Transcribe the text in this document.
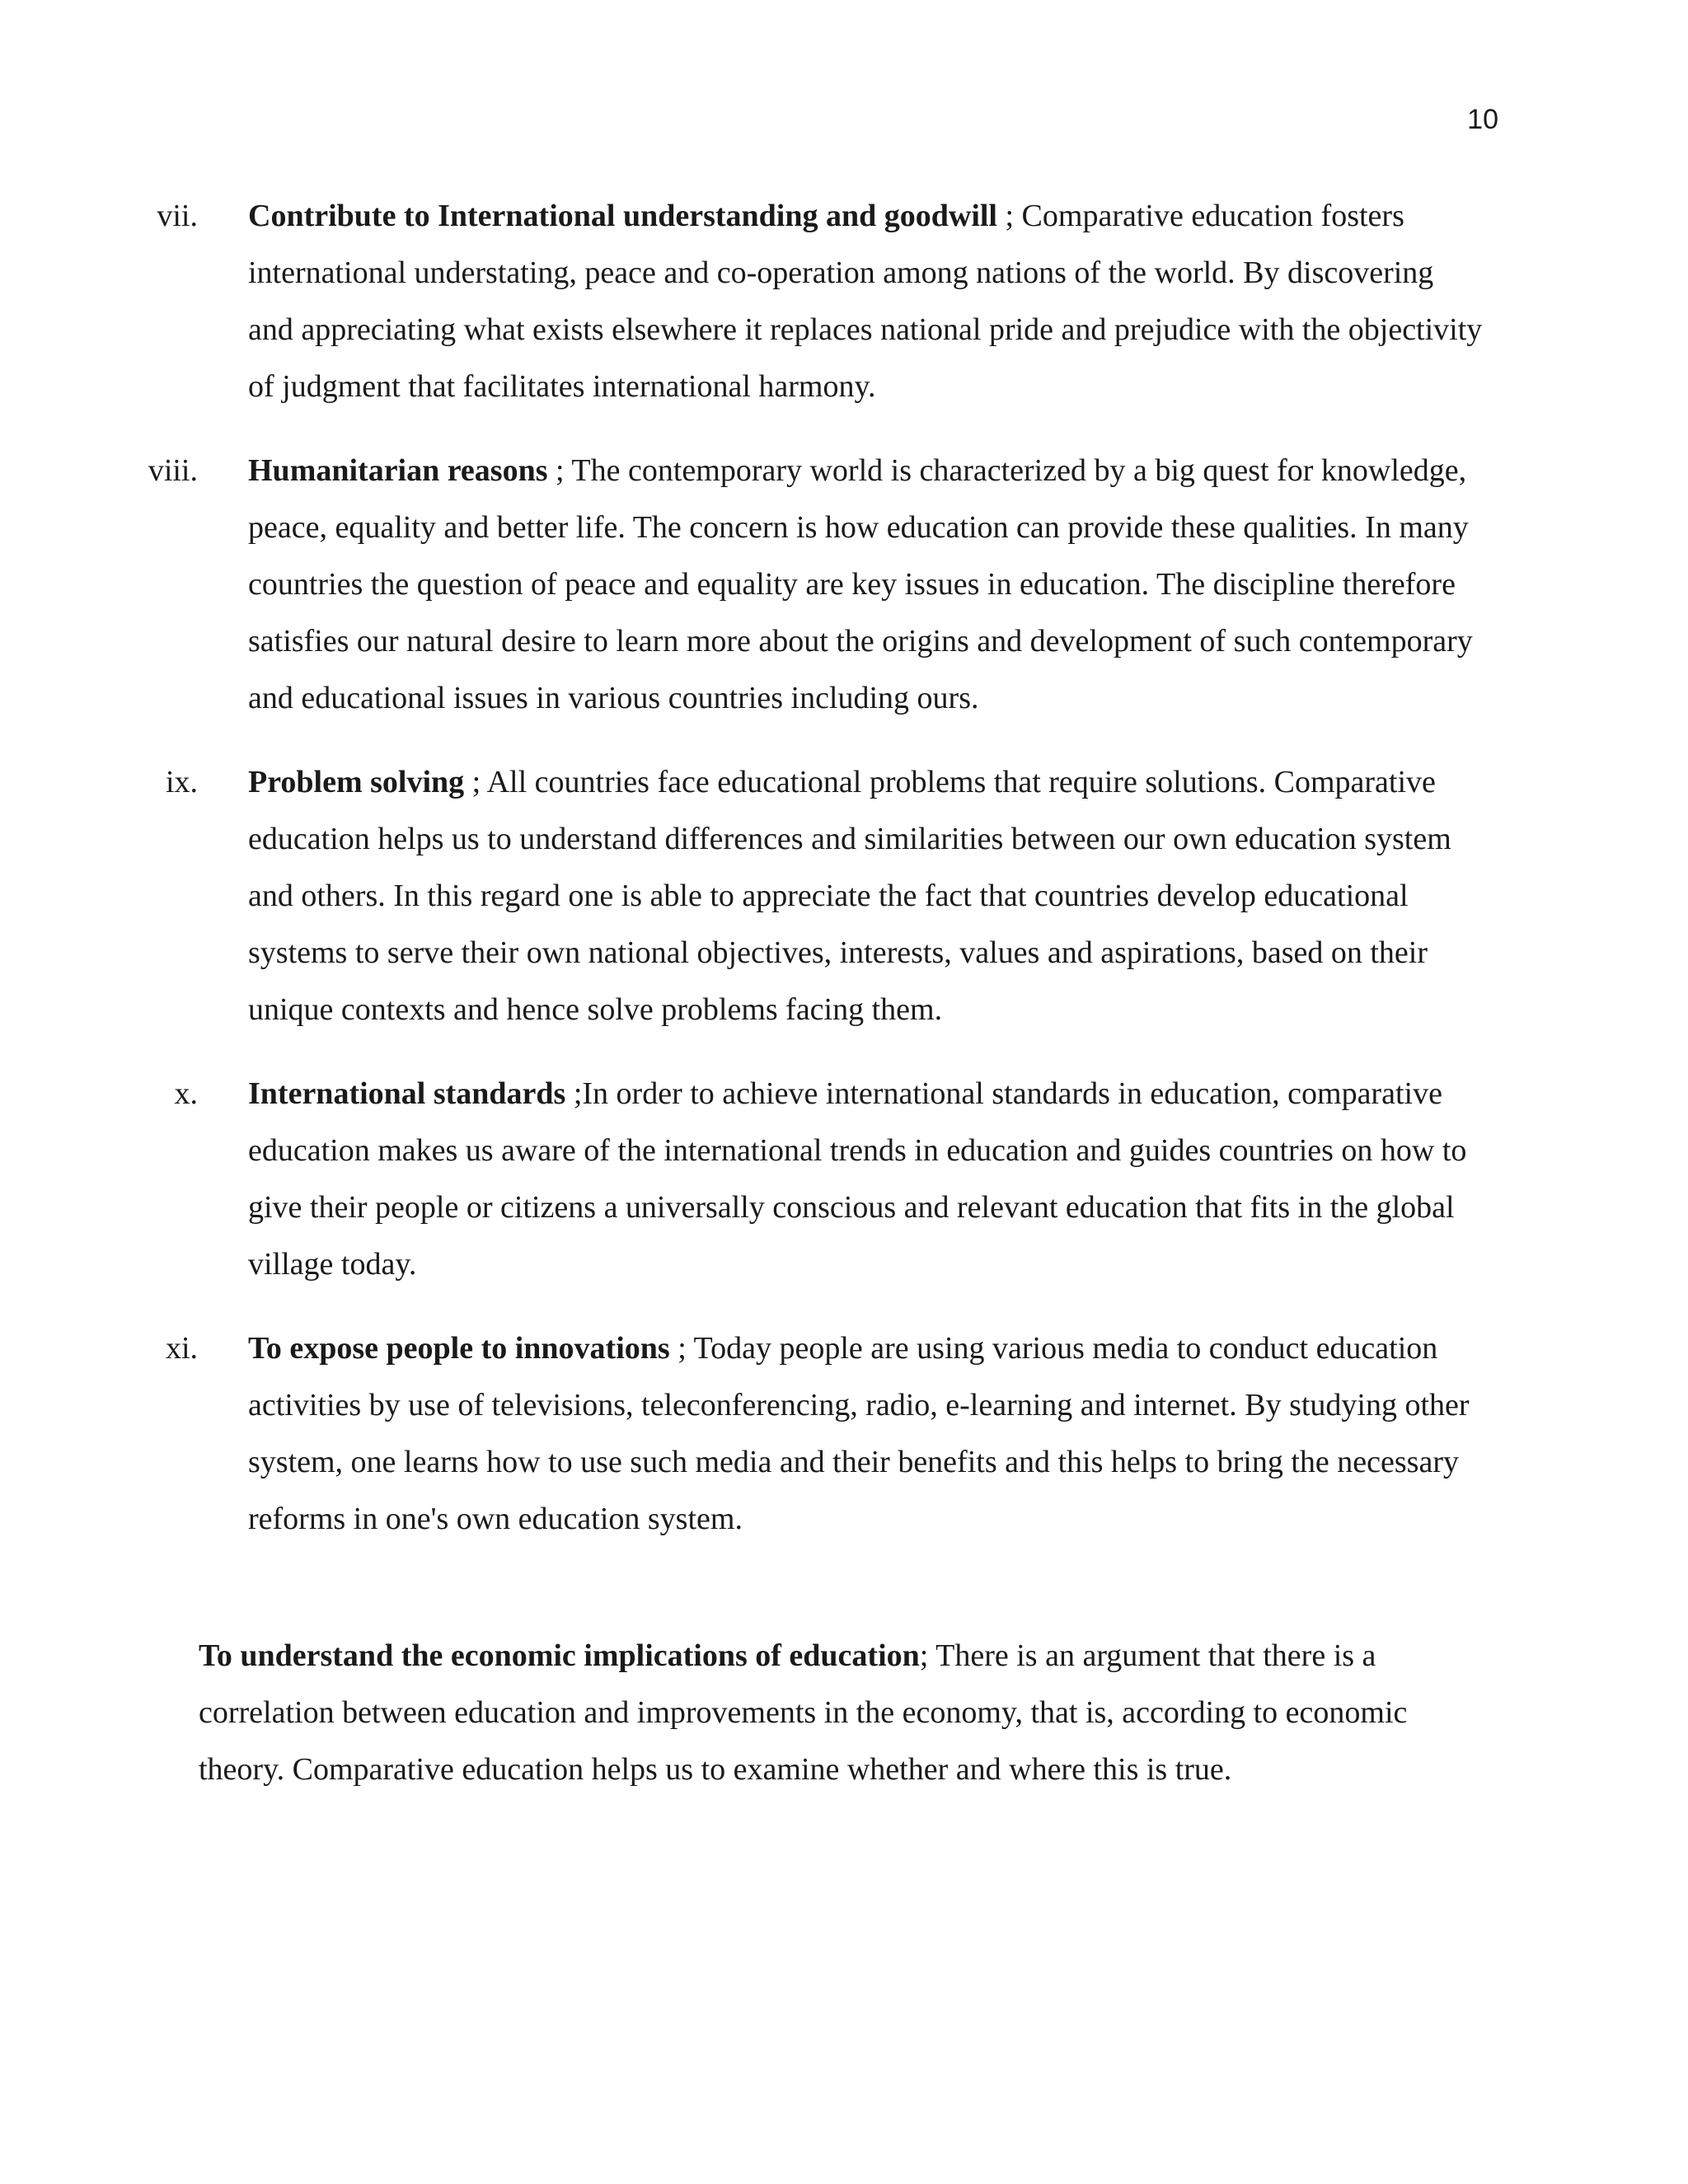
10
vii. Contribute to International understanding and goodwill ; Comparative education fosters international understating, peace and co-operation among nations of the world. By discovering and appreciating what exists elsewhere it replaces national pride and prejudice with the objectivity of judgment that facilitates international harmony.
viii. Humanitarian reasons ; The contemporary world is characterized by a big quest for knowledge, peace, equality and better life. The concern is how education can provide these qualities. In many countries the question of peace and equality are key issues in education. The discipline therefore satisfies our natural desire to learn more about the origins and development of such contemporary and educational issues in various countries including ours.
ix. Problem solving ; All countries face educational problems that require solutions. Comparative education helps us to understand differences and similarities between our own education system and others. In this regard one is able to appreciate the fact that countries develop educational systems to serve their own national objectives, interests, values and aspirations, based on their unique contexts and hence solve problems facing them.
x. International standards ;In order to achieve international standards in education, comparative education makes us aware of the international trends in education and guides countries on how to give their people or citizens a universally conscious and relevant education that fits in the global village today.
xi. To expose people to innovations ; Today people are using various media to conduct education activities by use of televisions, teleconferencing, radio, e-learning and internet. By studying other system, one learns how to use such media and their benefits and this helps to bring the necessary reforms in one's own education system.

To understand the economic implications of education; There is an argument that there is a correlation between education and improvements in the economy, that is, according to economic theory. Comparative education helps us to examine whether and where this is true.
